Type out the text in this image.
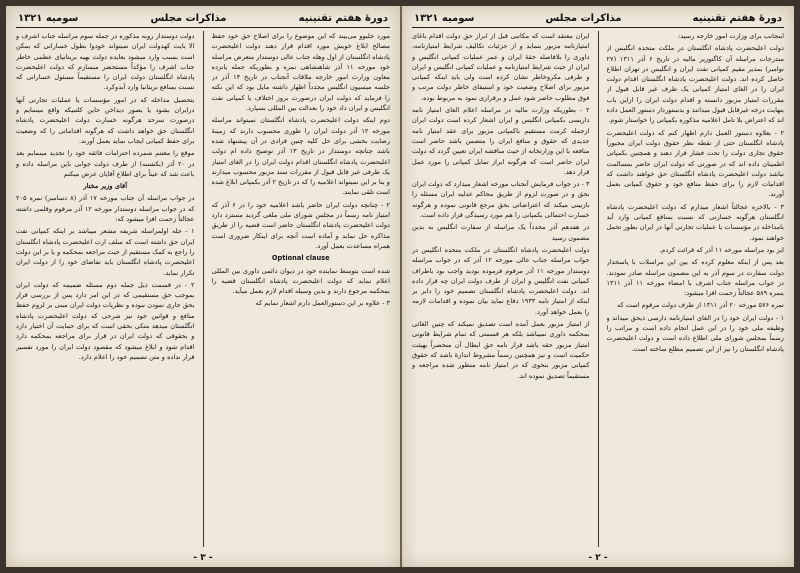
دورهٔ هفتم تقنینیه
مذاکرات مجلس
سومیه ۱۳۲۱

مورد جلبوو می‌بیند که این موضوع را برای اصلاح حق خود حفظ مصالح ابلاغ خویش مورد اقدام قرار دهند دولت اعلیحضرت پادشاه انگلستان از اول وهله جناب عالی دوستدار متعرض مراسله خود مورخه ۱۱ آذر شاهنشاهی نمره و بطوریکه جمله پانزده معاون وزارت امور خارجه ملاقات آنجناب در تاریخ ۱۴ آذر در جلسه میسیون انگلیس مجدداً اظهار داشته مایل بود که این نکته را فرماید که دولت ایران درصورت بروز اختلاف با کمپانی نفت انگلیس و ایران داد خود را بعدالت بین المللی بسپارد.

دوم اینکه دولت اعلیحضرت پادشاه انگلستان نمیتواند مراسله مورخه ۱۲ آذر دولت ایران را طوری محسوب دارند که زمینهٔ رضایت بخشی برای حل کلیه چنین قرادی در آن پیشنهاد شده باشد چنانچه دوستدار در تاریخ ۱۳ آذر توضیح داده ام دولت اعلیحضرت پادشاه انگلستان اقدام دولت ایران را در الغای امتیاز یک طرفی غیر قابل قبول از مقررات سند مزبور محسوب میدارند و بنا بر این نمیتواند اعلامیه را که در تاریخ ۲ آذر بکمپانی ابلاغ شده است تلقی نمایند.

۲ - چنانچه دولت ایران حاضر باشد اعلامیه خود را در ۶ آذر که امتیاز نامه رسماً در مجلس شورای ملی ملغی گردید مسترد دارد دولت اعلیحضرت پادشاه انگلستان حاضر است قضیه را از طریق مذاکره حل نماید و آماده است آنچه برای اینکار ضروری است همراه مساعدت بعمل آورد.

Optional clause

شده است بتوسط نماینده خود در دیوان دائمی داوری بین المللی اعلام نماید که دولت اعلیحضرت پادشاه انگلستان قضیه را بمحکمه مرجوع دارند و بدین وسیله اقدام لازم بعمل میآید.

۳ - علاوه بر این دستورالعمل دارم اشعار نمایم که

دولت دوستدار روبه مذکوره در جمله سوم مراسله جناب اشرف و الا بایت کهدولت ایران نمیتواند خودوا بطول خسارانی که بمکن است بسبب وارد میشود بعایده دولت بهیه بریتانیای عظمی خاطر جناب اشرف را مؤکداً مستحضر میسازم که دولت اعلیحضرت پادشاه انگلستان دولت ایران را مستقیماً مسئول خسارانی که نسبت بمنافع بریتانیا وارد آیدوکرد.

بتحصیل مداخله که در امور مؤسسات یا عملیات تجارتی آنها درایران بشود یا بصور دیداخن حاین کلتبیکه واقع مینمایم و درصورت سرحد هرگونه خسارت دولت اعلیحضرت پادشاه انگلستان حق خواهد داشت که هرگونه اقداماتی را که وضعیت برای حفظ کمپانی ایجاب نماید بعمل آورند.

موقع را مغتنم شمرده احترامات فائقه خود را تجدید مینمایم بعد در ۲۰ آذر (بکشنبه) از طرف دولت جوابی باین مراسله داده و باعث شد که عیناً برای اطلاع آقایان عرض میکنم

آقای وزیر مختار

در جواب مراسله آن جناب مورخه ۱۷ آذر (۸ دسامبر) نمره ۲۰۵ که در جواب مراسله دوستدار مورخه ۱۲ آذر مرقوم وقلمی داشته عجالتاً زحمت افزا میشود که:

۱ - جله اولمراسله شریفه مشعر میباشد بر اینکه کمپانی نفت ایران حق داشته است که سلف ارت اعلیحضرت پادشاه انگلستان را راجع به کمک مستقیم از حیث مراجعه بمحکمه و یا بر این دولت اعلیحضرت پادشاه انگلستان باید تفاضای خود را از دولت ایران تکرار نماید.

۲ - در قسمت ذیل جمله دوم مسئله ضمیمه که دولت ایران بموجب حق مستقیمی که در این امر دارد پس از بررسی قرار بحق جاری نمودن نبوده و نظریات دولت ایران مبنی بر لزوم حفظ منافع و قوانین خود نیز شرحی که دولت اعلیحضرت پادشاه انگلستان میدهد متکی بحقی است که برای حمایت آن اختیار دارد و بحقوقی که دولت ایران در قرار برای مراجعه بمحکمه دارد اقدام شود و ابلاغ میشود که مقصود دولت ایران را مورد تفسیر قرار نداده و متن تصمیم خود را اعلام دارد.

- ۳ -
دورهٔ هفتم تقنینیه
مذاکرات مجلس
سومیه ۱۳۲۱

اینجانب برای وزارت امور خارجه رسید:

دولت اعلیحضرت پادشاه انگلستان در ملکت متحده انگلیس از مندرجات مراسله آن کاگنوزیر مالیه در تاریخ ۶ آذر ۱۳۱۱ (۲۷ نوامبر) بمدیر مقیم کمپانی نفت ایران و انگلیس در تهران اطلاع حاصل کرده اند. دولت اعلیحضرت پادشاه انگلستان اقدام دولت ایران را در الغای امتیاز کمپانی یک طرف غیر قابل قبول از مقررات امتیاز مزبور دانسته و اقدام دولت ایران را ازاین باب بنهایت درجه غیرقابل قبول میدانند و بدستوردار دستور العمل داده اند که اعتراض بلا تامل اعلامیه مذکوره بکمپانی را خواستار شوم.

۲ - بعلاوه دستور العمل دارم اظهار کنم که دولت اعلیحضرت پادشاه انگلستان حتی از نقطه نظر حقوق دولت ایران مجبوراً حقوق تجاری دولت را تحت فشار قرار دهند و همچنین بکمپانی اطمینان داده اند که در صورتی که دولت ایران حاضر بمسالمت نباشد دولت اعلیحضرت پادشاه انگلستان حق خواهند داشت که اقدامات لازم را برای حفظ منافع خود و حقوق کمپانی بعمل آورند.

۳ - بالاخره عجالتاً اشعار میدارم که دولت اعلیحضرت پادشاه انگلستان هرگونه خسارتی که نسبت بمنافع کمپانی وارد آید بامداخله در مؤسسات یا عملیات تجارتی آنها در ایران بطور تحمل خواهند نمود.

ایز بود مراسله مورخه ۱۱ آذر که قرائت کردم.

بعد پس از اینکه معلوم کرده که بین این مراسلات با پاسخدار دولت سفارت در سوم آذر به این مضمون مراسله صادر نمودند. در جواب مراسله جناب اشرف با امضاء مورخه ۱۱ آذر ۱۳۱۱ بنمره ۵۸۹ عجالتاً زحمت افزا میشود:

نمره ۵۷۶ مورخه ۲۰ آذر ۱۳۱۱ از طرف دولت مرقوم است که

۱ - دولت ایران خود را در الغای امتیازنامه دارسی ذیحق میداند و وظیفه ملی خود را در این عمل انجام داده است و مراتب را رسماً بمجلس شورای ملی اطلاع داده است و دولت اعلیحضرت پادشاه انگلستان را نیز از این تصمیم مطلع ساخته است.

ایران معتقد است که مکاتبی قبل از ابراز حق دولت اقدام باغای امتیازنامه مزبور بنماید و از جزئیات تکالیف شرایط امتیازنامه، داوری را بلافاصله حقهٔ ایران و عمر عملیات کمپانی انگلیس و ایران از حیث شرایط امتیازنامه و عملیات کمپانی انگلیس و ایران و طرفی مکروخاطر نشان کرده است ولی باید اینکه کمپانی مزبور برای اصلاح وضعیت خود و استیفای خاطر دولت مرتب و فوق مطلوب حاضر شود عمل و برقراری نمود به مربوط بوده.

۲ - بطوریکه وزارت مالیه در مراسله اعلام الغای امتیاز نامه داریسی بکمپانی انگلیس و ایران اشعار کرده است دولت ایران ازجمله کرمت مستقیم باکمپانی مزبور برای عقد امتیاز نامه جدیدی که حقوق و منافع ایران را متضمن باشد حاضر است منافعه با این وزارتخانه از حیث مناقشه ایران تعیین گردد که دولت ایران حاضر است که هرگونه ابراز تمایل کمپانی را مورد عمل قرار دهد.

۳ - در جواب فرمایش آنجناب مورخه اشعار میدارد که دولت ایران بحق و در صورت لزوم از طریق محاکم عدلیه ایران مسئله را بازبینی میکند که اعتراضاتی بحق مرجع قانونی نموده و هرگونه خسارت احتمالی بکمپانی را هم مورد رسیدگی قرار داده است.

در هفدهم آذر مجدداً یک مراسله از سفارت انگلیس به بدین مضمون رسید

دولت اعلیحضرت پادشاه انگلستان در ملکت متحده انگلیس در جواب مراسله جناب عالی مورخه ۱۲ آذر که در جواب مراسله دوستدار مورخه ۱۱ آذر مرقوم فرموده بودید واجب بود باطراف کمپانی نفت انگلیس و ایران از طرف دولت ایران چه قرار داده اند. دولت اعلیحضرت پادشاه انگلستان تصمیم خود را دایر بر اینکه از امتیاز نامه ۱۹۳۳ دفاع نماید بیان نموده و اقدامات لازمه را بعمل خواهد آورد.

از امتیاز مزبور بعمل آمده است تصدیق نمیکند که چنین الغائی بمحکمه داوری نمیباشد بلکه هر قسمتی که تمام شرایط قانونی امتیاز مزبور حقه باشد قرار نامه حق ابطال آن منحصراً بهیئت حکمیت است و نیز همچنین رسماً مشروط اندازهٔ باشد که حقوق کمپانی مزبور بنحوی که در امتیاز نامه منظور شده مراجعه و مستقیماً تصدیق نموده اند.

- ۲ -
